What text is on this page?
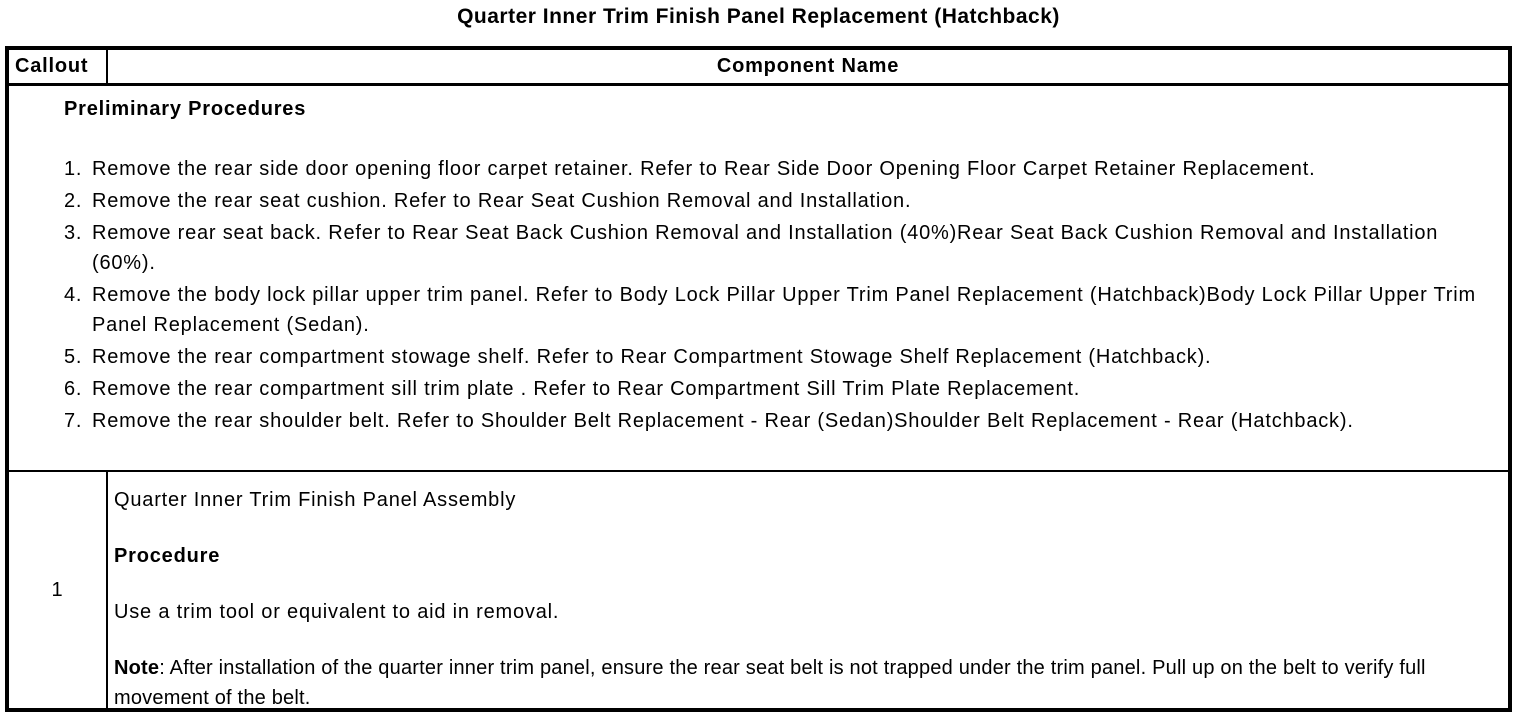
Quarter Inner Trim Finish Panel Replacement (Hatchback)
Callout	Component Name
Preliminary Procedures
1. Remove the rear side door opening floor carpet retainer. Refer to Rear Side Door Opening Floor Carpet Retainer Replacement.
2. Remove the rear seat cushion. Refer to Rear Seat Cushion Removal and Installation.
3. Remove rear seat back. Refer to Rear Seat Back Cushion Removal and Installation (40%)Rear Seat Back Cushion Removal and Installation (60%).
4. Remove the body lock pillar upper trim panel. Refer to Body Lock Pillar Upper Trim Panel Replacement (Hatchback)Body Lock Pillar Upper Trim Panel Replacement (Sedan).
5. Remove the rear compartment stowage shelf. Refer to Rear Compartment Stowage Shelf Replacement (Hatchback).
6. Remove the rear compartment sill trim plate . Refer to Rear Compartment Sill Trim Plate Replacement.
7. Remove the rear shoulder belt. Refer to Shoulder Belt Replacement - Rear (Sedan)Shoulder Belt Replacement - Rear (Hatchback).
1

Quarter Inner Trim Finish Panel Assembly

Procedure

Use a trim tool or equivalent to aid in removal.

Note: After installation of the quarter inner trim panel, ensure the rear seat belt is not trapped under the trim panel. Pull up on the belt to verify full movement of the belt.
